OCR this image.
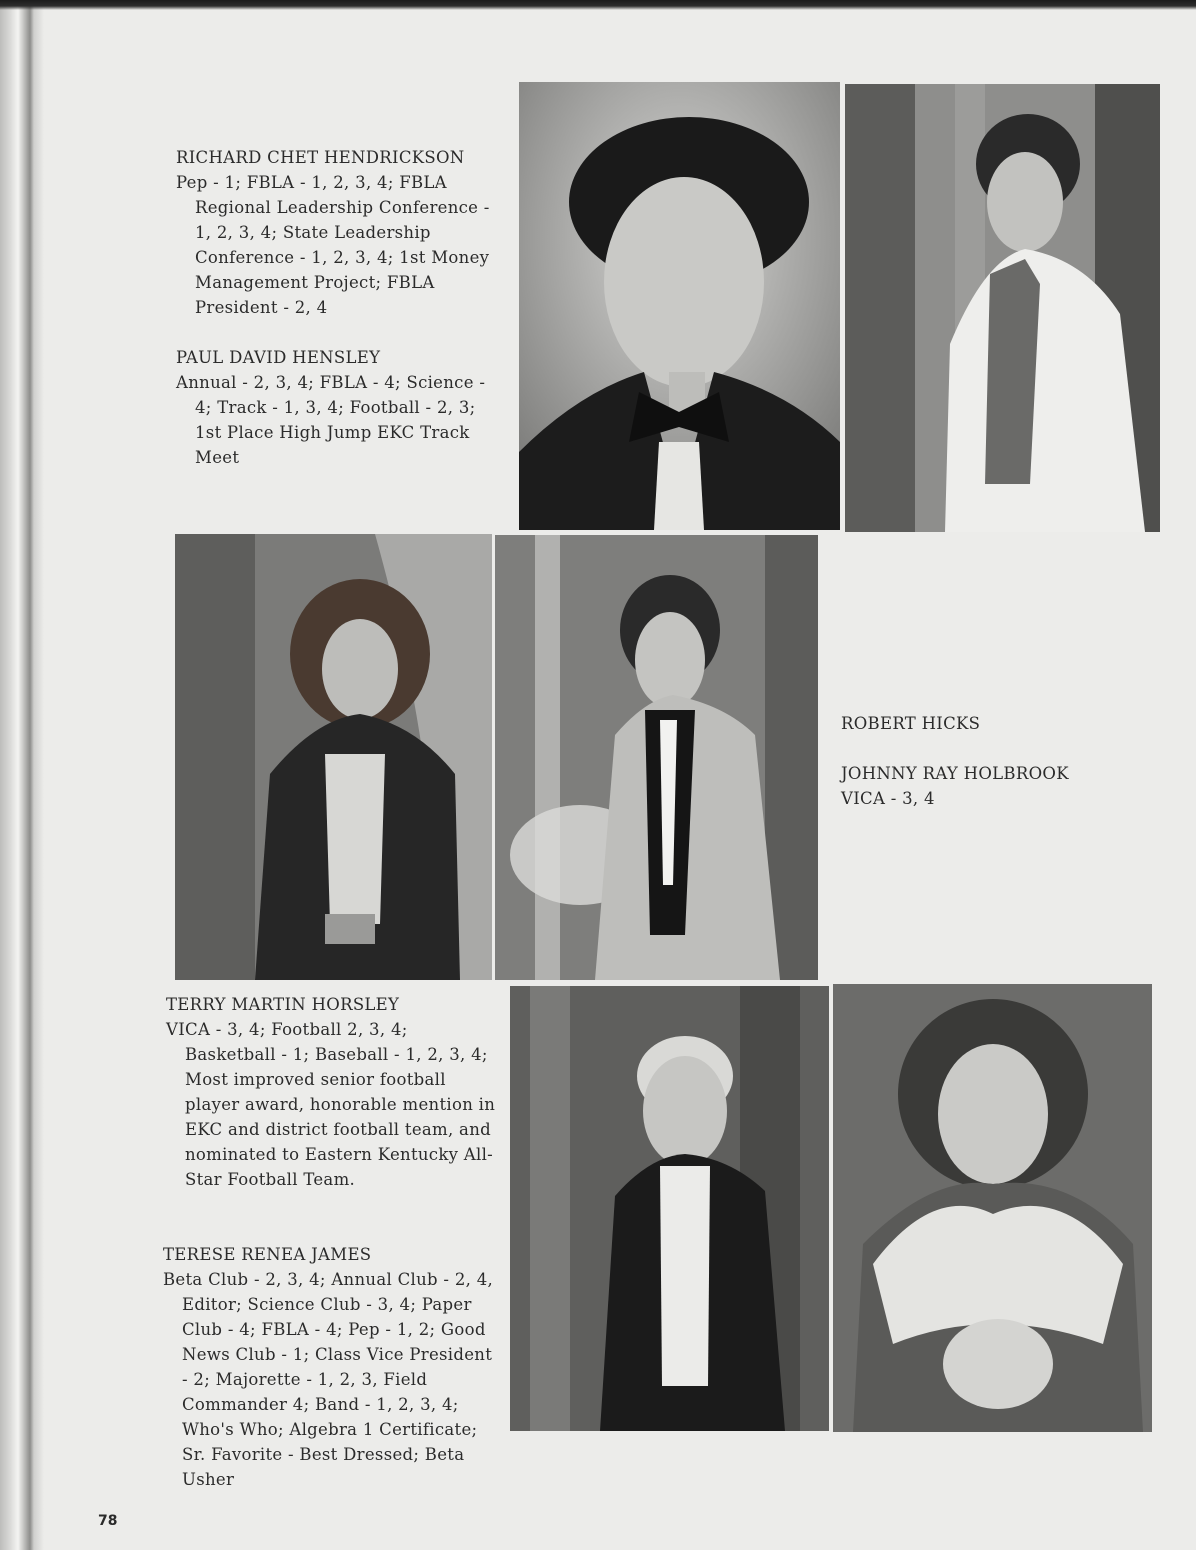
RICHARD CHET HENDRICKSON
Pep - 1; FBLA - 1, 2, 3, 4; FBLA Regional Leadership Conference - 1, 2, 3, 4; State Leadership Conference - 1, 2, 3, 4; 1st Money Management Project; FBLA President - 2, 4
PAUL DAVID HENSLEY
Annual - 2, 3, 4; FBLA - 4; Science - 4; Track - 1, 3, 4; Football - 2, 3; 1st Place High Jump EKC Track Meet
ROBERT HICKS
JOHNNY RAY HOLBROOK
VICA - 3, 4
TERRY MARTIN HORSLEY
VICA - 3, 4; Football 2, 3, 4; Basketball - 1; Baseball - 1, 2, 3, 4; Most improved senior football player award, honorable mention in EKC and district football team, and nominated to Eastern Kentucky All-Star Football Team.
TERESE RENEA JAMES
Beta Club - 2, 3, 4; Annual Club - 2, 4, Editor; Science Club - 3, 4; Paper Club - 4; FBLA - 4; Pep - 1, 2; Good News Club - 1; Class Vice President - 2; Majorette - 1, 2, 3, Field Commander 4; Band - 1, 2, 3, 4; Who's Who; Algebra 1 Certificate; Sr. Favorite - Best Dressed; Beta Usher
78
